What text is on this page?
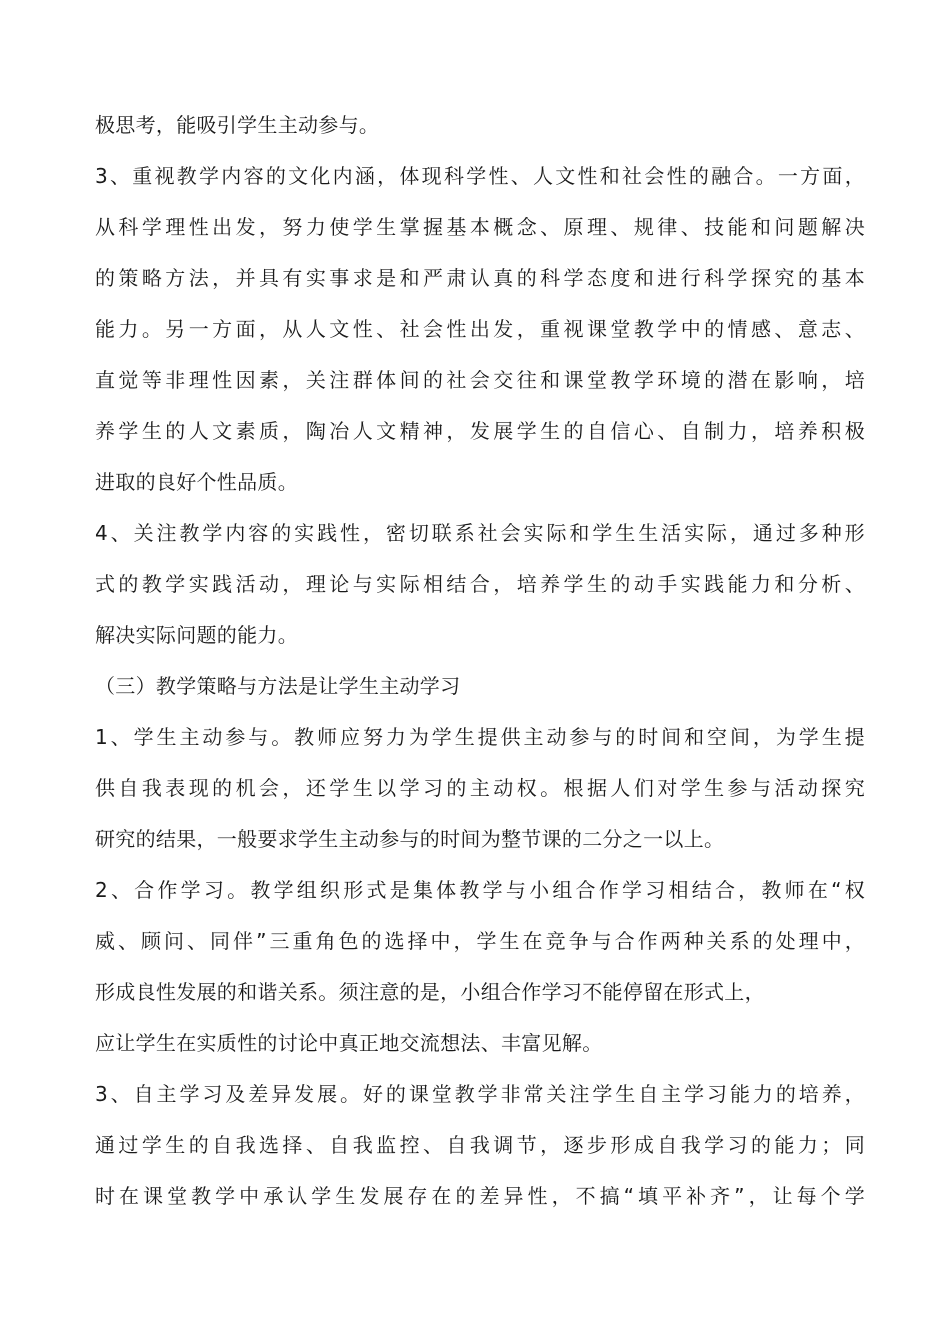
极思考，能吸引学生主动参与。
3、重视教学内容的文化内涵，体现科学性、人文性和社会性的融合。一方面，
从科学理性出发，努力使学生掌握基本概念、原理、规律、技能和问题解决
的策略方法，并具有实事求是和严肃认真的科学态度和进行科学探究的基本
能力。另一方面，从人文性、社会性出发，重视课堂教学中的情感、意志、
直觉等非理性因素，关注群体间的社会交往和课堂教学环境的潜在影响，培
养学生的人文素质，陶冶人文精神，发展学生的自信心、自制力，培养积极
进取的良好个性品质。
4、关注教学内容的实践性，密切联系社会实际和学生生活实际，通过多种形
式的教学实践活动，理论与实际相结合，培养学生的动手实践能力和分析、
解决实际问题的能力。
（三）教学策略与方法是让学生主动学习
1、学生主动参与。教师应努力为学生提供主动参与的时间和空间，为学生提
供自我表现的机会，还学生以学习的主动权。根据人们对学生参与活动探究
研究的结果，一般要求学生主动参与的时间为整节课的二分之一以上。
2、合作学习。教学组织形式是集体教学与小组合作学习相结合，教师在“权
威、顾问、同伴”三重角色的选择中，学生在竞争与合作两种关系的处理中，
形成良性发展的和谐关系。须注意的是，小组合作学习不能停留在形式上，
应让学生在实质性的讨论中真正地交流想法、丰富见解。
3、自主学习及差异发展。好的课堂教学非常关注学生自主学习能力的培养，
通过学生的自我选择、自我监控、自我调节，逐步形成自我学习的能力；同
时在课堂教学中承认学生发展存在的差异性，不搞“填平补齐”，让每个学
